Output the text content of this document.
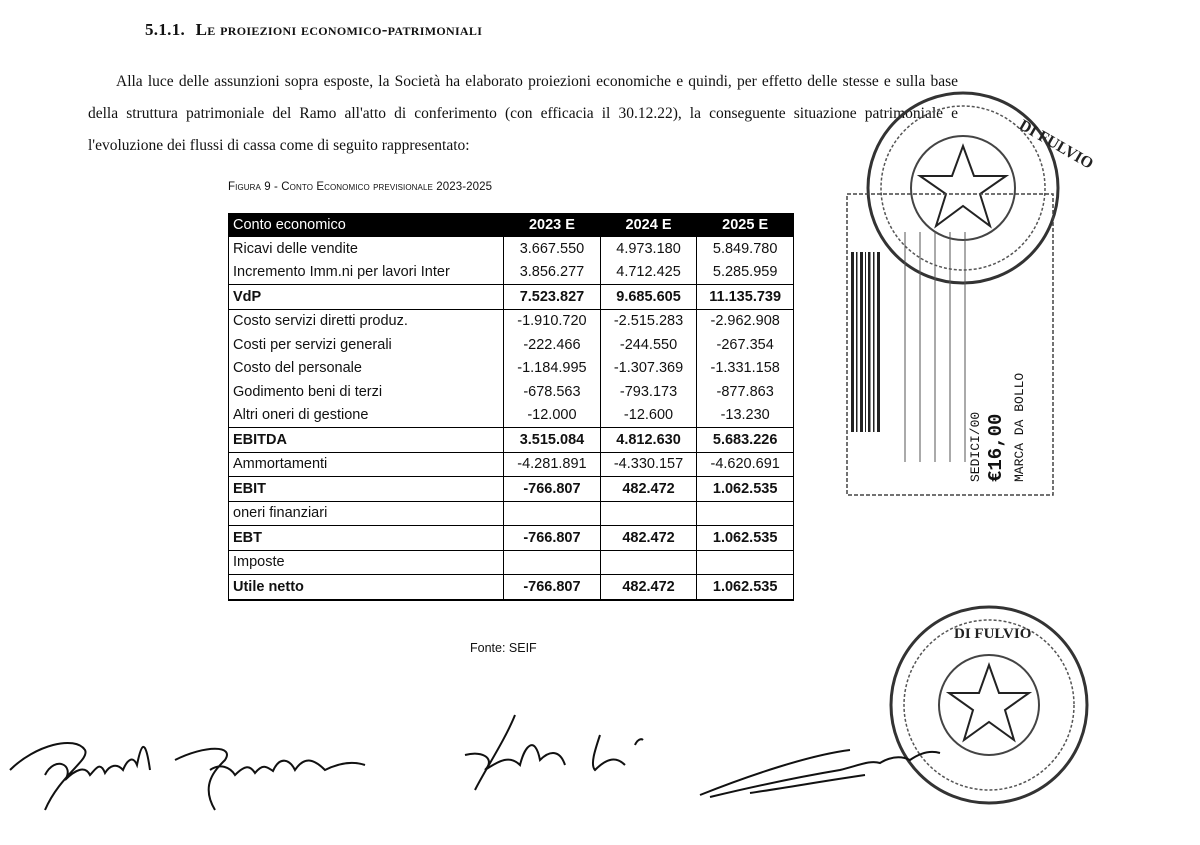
5.1.1. Le proiezioni economico-patrimoniali

Alla luce delle assunzioni sopra esposte, la Società ha elaborato proiezioni economiche e quindi, per effetto delle stesse e sulla base della struttura patrimoniale del Ramo all'atto di conferimento (con efficacia il 30.12.22), la conseguente situazione patrimoniale e l'evoluzione dei flussi di cassa come di seguito rappresentato:

Figura 9 - Conto Economico previsionale 2023-2025

Conto economico	2023 E	2024 E	2025 E
Ricavi delle vendite	3.667.550	4.973.180	5.849.780
Incremento Imm.ni per lavori Inter	3.856.277	4.712.425	5.285.959
VdP	7.523.827	9.685.605	11.135.739
Costo servizi diretti produz.	-1.910.720	-2.515.283	-2.962.908
Costi per servizi generali	-222.466	-244.550	-267.354
Costo del personale	-1.184.995	-1.307.369	-1.331.158
Godimento beni di terzi	-678.563	-793.173	-877.863
Altri oneri di gestione	-12.000	-12.600	-13.230
EBITDA	3.515.084	4.812.630	5.683.226
Ammortamenti	-4.281.891	-4.330.157	-4.620.691
EBIT	-766.807	482.472	1.062.535
oneri finanziari			
EBT	-766.807	482.472	1.062.535
Imposte			
Utile netto	-766.807	482.472	1.062.535

Fonte: SEIF

DI FULVIO
MARCA DA BOLLO
€16,00
SEDICI/00
DI FULVIO
